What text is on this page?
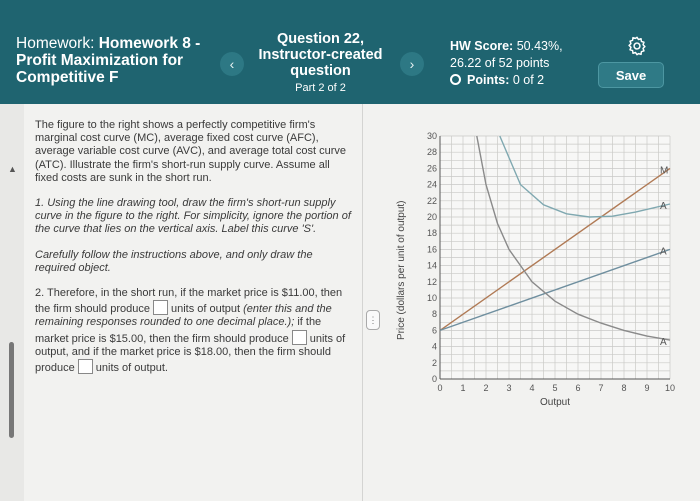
Homework: Homework 8 - Profit Maximization for Competitive F
‹
Question 22, Instructor-created question
Part 2 of 2
›
HW Score: 50.43%,
26.22 of 52 points
Points: 0 of 2	Save
▲

The figure to the right shows a perfectly competitive firm's marginal cost curve (MC), average fixed cost curve (AFC), average variable cost curve (AVC), and average total cost curve (ATC). Illustrate the firm's short-run supply curve. Assume all fixed costs are sunk in the short run.

1. Using the line drawing tool, draw the firm's short-run supply curve in the figure to the right. For simplicity, ignore the portion of the curve that lies on the vertical axis. Label this curve 'S'.

Carefully follow the instructions above, and only draw the required object.

2. Therefore, in the short run, if the market price is $11.00, then the firm should produce units of output (enter this and the remaining responses rounded to one decimal place.); if the market price is $15.00, then the firm should produce units of output, and if the market price is $18.00, then the firm should produce units of output.

⋮ Price (dollars per unit of output)
0
2
4
6
8
10
12
14
16
18
20
22
24
26
28
30
0 1 2 3 4 5 6 7 8 9 10
Output
M
A
A
A
